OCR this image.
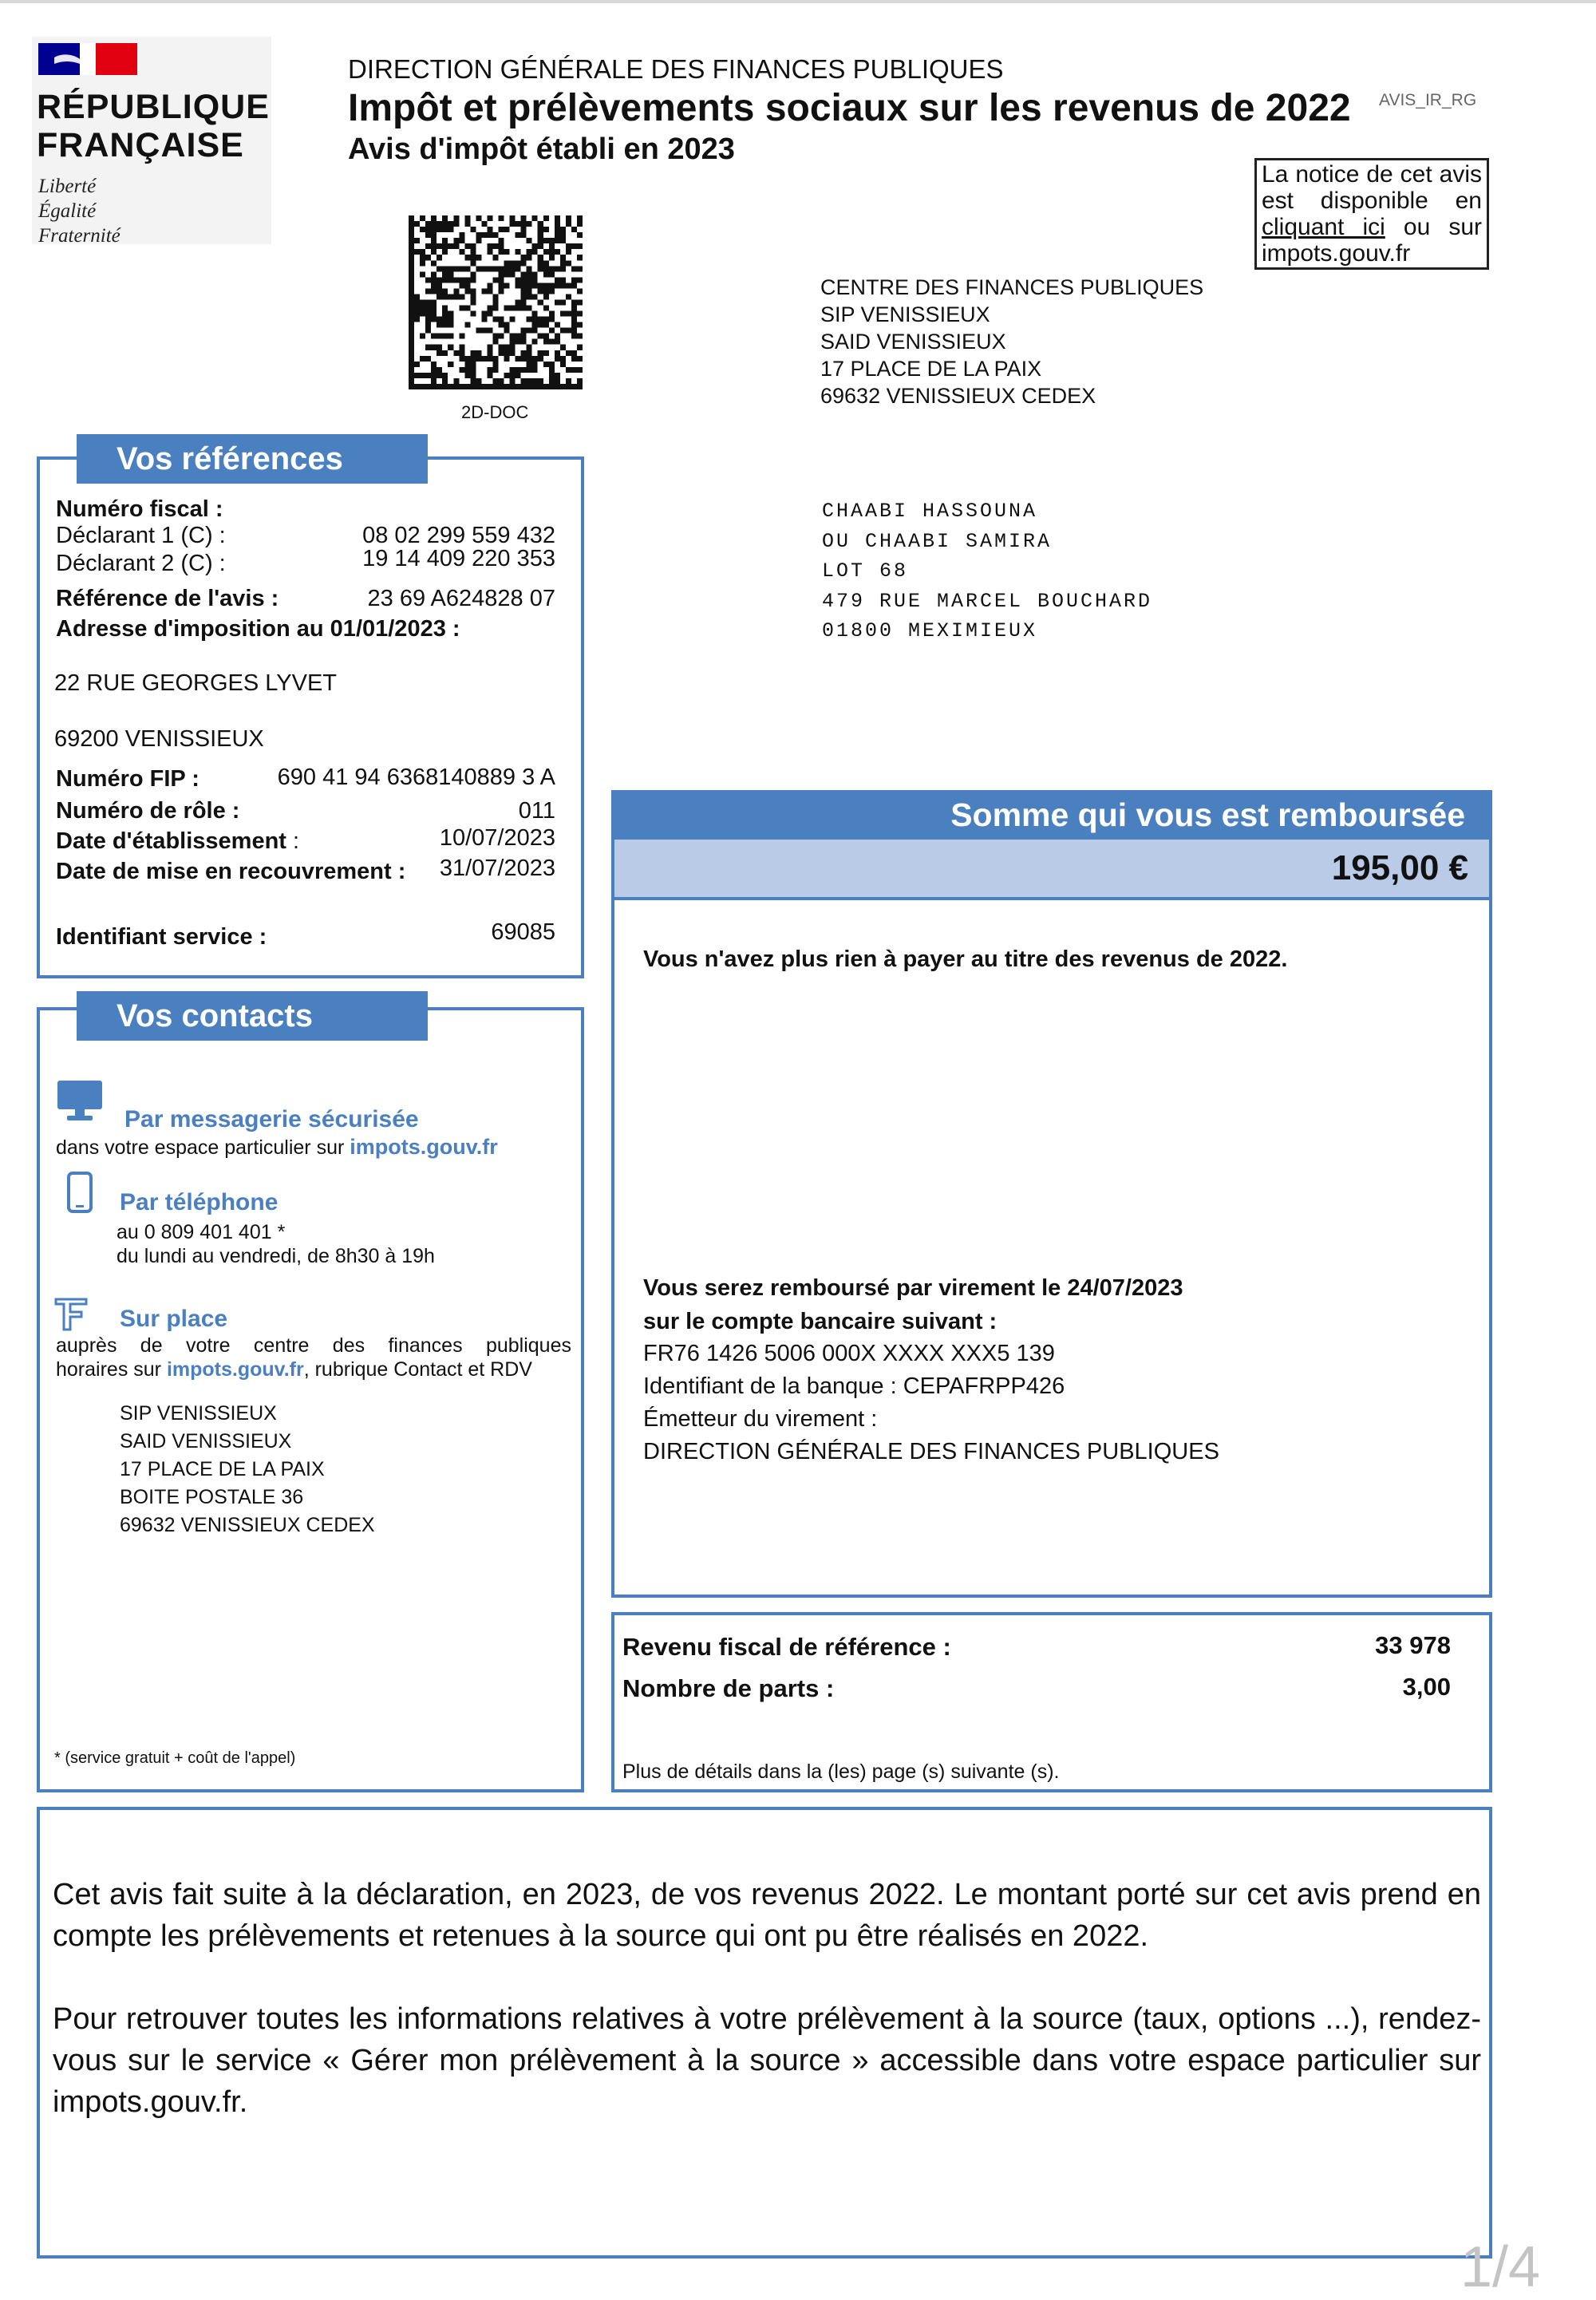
RÉPUBLIQUE
FRANÇAISE
Liberté
Égalité
Fraternité
DIRECTION GÉNÉRALE DES FINANCES PUBLIQUES
Impôt et prélèvements sociaux sur les revenus de 2022
Avis d'impôt établi en 2023
AVIS_IR_RG
La notice de cet avis est disponible en cliquant ici ou sur impots.gouv.fr
2D-DOC
CENTRE DES FINANCES PUBLIQUES
SIP VENISSIEUX
SAID VENISSIEUX
17 PLACE DE LA PAIX
69632 VENISSIEUX CEDEX
CHAABI HASSOUNA
OU CHAABI SAMIRA
LOT 68
479 RUE MARCEL BOUCHARD
01800 MEXIMIEUX
Vos références
Numéro fiscal :
Déclarant 1 (C) :	08 02 299 559 432
Déclarant 2 (C) :	19 14 409 220 353
Référence de l'avis :	23 69 A624828 07
Adresse d'imposition au 01/01/2023 :
22 RUE GEORGES LYVET
69200 VENISSIEUX
Numéro FIP :	690 41 94 6368140889 3 A
Numéro de rôle :	011
Date d'établissement :	10/07/2023
Date de mise en recouvrement :	31/07/2023
Identifiant service :	69085
Vos contacts
Par messagerie sécurisée
dans votre espace particulier sur impots.gouv.fr
Par téléphone
au 0 809 401 401 *
du lundi au vendredi, de 8h30 à 19h
Sur place
auprès de votre centre des finances publiques
horaires sur impots.gouv.fr, rubrique Contact et RDV
SIP VENISSIEUX
SAID VENISSIEUX
17 PLACE DE LA PAIX
BOITE POSTALE 36
69632 VENISSIEUX CEDEX
* (service gratuit + coût de l'appel)
Somme qui vous est remboursée
195,00 €
Vous n'avez plus rien à payer au titre des revenus de 2022.
Vous serez remboursé par virement le 24/07/2023
sur le compte bancaire suivant :
FR76 1426 5006 000X XXXX XXX5 139
Identifiant de la banque : CEPAFRPP426
Émetteur du virement :
DIRECTION GÉNÉRALE DES FINANCES PUBLIQUES
Revenu fiscal de référence :	33 978
Nombre de parts :	3,00
Plus de détails dans la (les) page (s) suivante (s).
Cet avis fait suite à la déclaration, en 2023, de vos revenus 2022. Le montant porté sur cet avis prend en compte les prélèvements et retenues à la source qui ont pu être réalisés en 2022.
Pour retrouver toutes les informations relatives à votre prélèvement à la source (taux, options ...), rendez-vous sur le service « Gérer mon prélèvement à la source » accessible dans votre espace particulier sur impots.gouv.fr.
1/4
